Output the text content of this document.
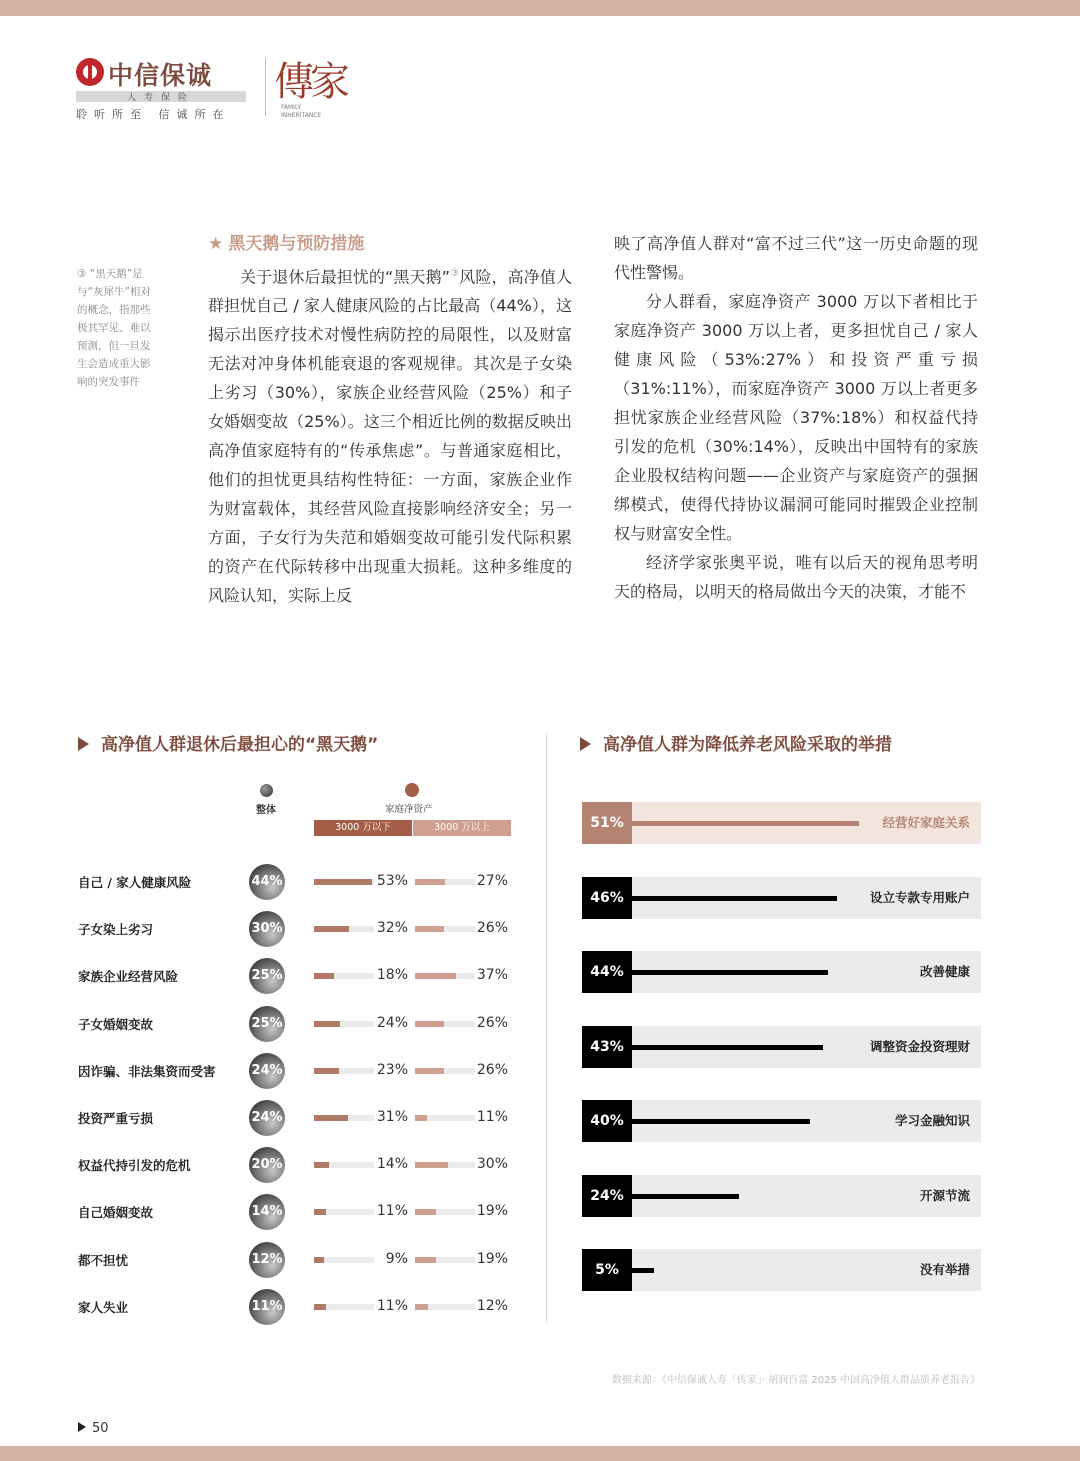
中信保诚
人寿保险
聆听所至 信诚所在
傳家
FAMILY INHERITANCE
③ “黑天鹅”是与“灰犀牛”相对的概念，指那些极其罕见、难以预测，但一旦发生会造成重大影响的突发事件

★ 黑天鹅与预防措施

关于退休后最担忧的“黑天鹅”③风险，高净值人群担忧自己 / 家人健康风险的占比最高（44%），这揭示出医疗技术对慢性病防控的局限性，以及财富无法对冲身体机能衰退的客观规律。其次是子女染上劣习（30%），家族企业经营风险（25%）和子女婚姻变故（25%）。这三个相近比例的数据反映出高净值家庭特有的“传承焦虑”。与普通家庭相比，他们的担忧更具结构性特征：一方面，家族企业作为财富载体，其经营风险直接影响经济安全；另一方面，子女行为失范和婚姻变故可能引发代际积累的资产在代际转移中出现重大损耗。这种多维度的风险认知，实际上反

映了高净值人群对“富不过三代”这一历史命题的现代性警惕。

分人群看，家庭净资产 3000 万以下者相比于家庭净资产 3000 万以上者，更多担忧自己 / 家人健康风险（53%:27%）和投资严重亏损（31%:11%），而家庭净资产 3000 万以上者更多担忧家族企业经营风险（37%:18%）和权益代持引发的危机（30%:14%），反映出中国特有的家族企业股权结构问题——企业资产与家庭资产的强捆绑模式，使得代持协议漏洞可能同时摧毁企业控制权与财富安全性。

经济学家张奥平说，唯有以后天的视角思考明天的格局，以明天的格局做出今天的决策，才能不

高净值人群退休后最担心的“黑天鹅”	高净值人群为降低养老风险采取的举措
整体	家庭净资产
3000 万以下	3000 万以上
自己 / 家人健康风险	44%	53%	27%
子女染上劣习	30%	32%	26%
家族企业经营风险	25%	18%	37%
子女婚姻变故	25%	24%	26%
因诈骗、非法集资而受害	24%	23%	26%
投资严重亏损	24%	31%	11%
权益代持引发的危机	20%	14%	30%
自己婚姻变故	14%	11%	19%
都不担忧	12%	9%	19%
家人失业	11%	11%	12%
51%	经营好家庭关系
46%	设立专款专用账户
44%	改善健康
43%	调整资金投资理财
40%	学习金融知识
24%	开源节流
5%	没有举措
数据来源：《中信保诚人寿「传家」· 胡润百富 2025 中国高净值人群品质养老报告》
50
